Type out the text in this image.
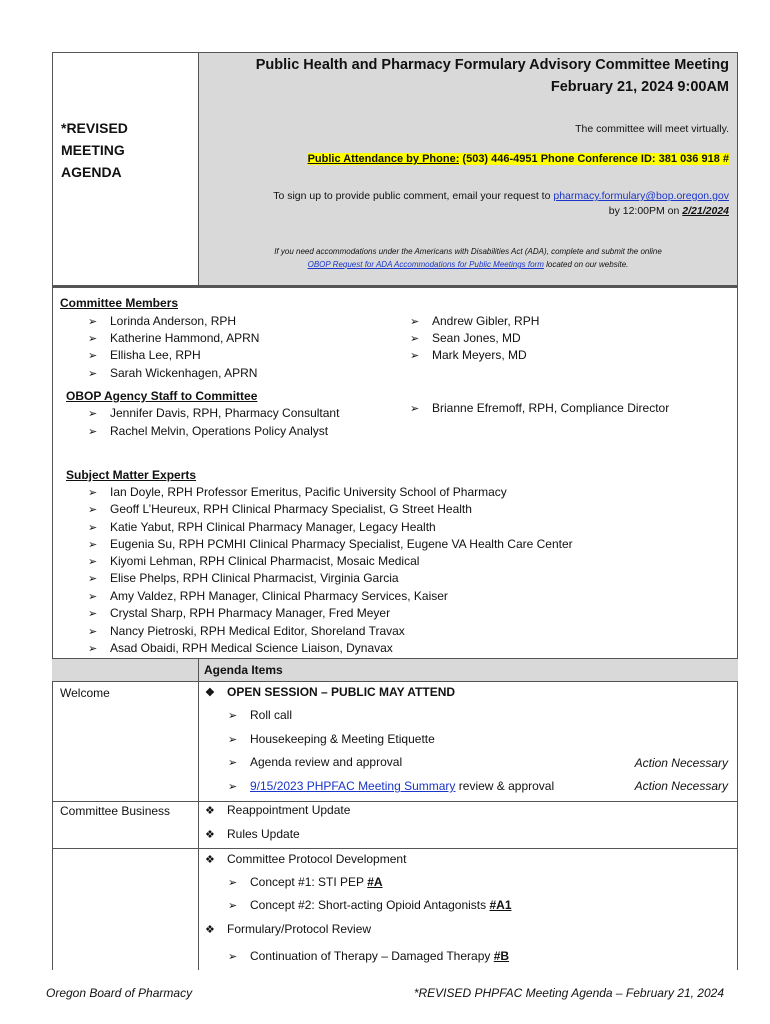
*REVISED MEETING AGENDA
Public Health and Pharmacy Formulary Advisory Committee Meeting
February 21, 2024 9:00AM
The committee will meet virtually.
Public Attendance by Phone: (503) 446-4951 Phone Conference ID: 381 036 918 #
To sign up to provide public comment, email your request to pharmacy.formulary@bop.oregon.gov
by 12:00PM on 2/21/2024
If you need accommodations under the Americans with Disabilities Act (ADA), complete and submit the online
OBOP Request for ADA Accommodations for Public Meetings form located on our website.
Committee Members
➢ Lorinda Anderson, RPH
➢ Katherine Hammond, APRN
➢ Ellisha Lee, RPH
➢ Sarah Wickenhagen, APRN
➢ Andrew Gibler, RPH
➢ Sean Jones, MD
➢ Mark Meyers, MD
OBOP Agency Staff to Committee
➢ Jennifer Davis, RPH, Pharmacy Consultant
➢ Rachel Melvin, Operations Policy Analyst
➢ Brianne Efremoff, RPH, Compliance Director
Subject Matter Experts
➢ Ian Doyle, RPH Professor Emeritus, Pacific University School of Pharmacy
➢ Geoff L’Heureux, RPH Clinical Pharmacy Specialist, G Street Health
➢ Katie Yabut, RPH Clinical Pharmacy Manager, Legacy Health
➢ Eugenia Su, RPH PCMHI Clinical Pharmacy Specialist, Eugene VA Health Care Center
➢ Kiyomi Lehman, RPH Clinical Pharmacist, Mosaic Medical
➢ Elise Phelps, RPH Clinical Pharmacist, Virginia Garcia
➢ Amy Valdez, RPH Manager, Clinical Pharmacy Services, Kaiser
➢ Crystal Sharp, RPH Pharmacy Manager, Fred Meyer
➢ Nancy Pietroski, RPH Medical Editor, Shoreland Travax
➢ Asad Obaidi, RPH Medical Science Liaison, Dynavax
Agenda Items
Welcome	❖ OPEN SESSION – PUBLIC MAY ATTEND
➢ Roll call
➢ Housekeeping & Meeting Etiquette
➢ Agenda review and approval	Action Necessary
➢ 9/15/2023 PHPFAC Meeting Summary review & approval	Action Necessary
Committee Business	❖ Reappointment Update
❖ Rules Update
❖ Committee Protocol Development
➢ Concept #1: STI PEP #A
➢ Concept #2: Short-acting Opioid Antagonists #A1
❖ Formulary/Protocol Review
➢ Continuation of Therapy – Damaged Therapy #B
Oregon Board of Pharmacy	*REVISED PHPFAC Meeting Agenda – February 21, 2024
